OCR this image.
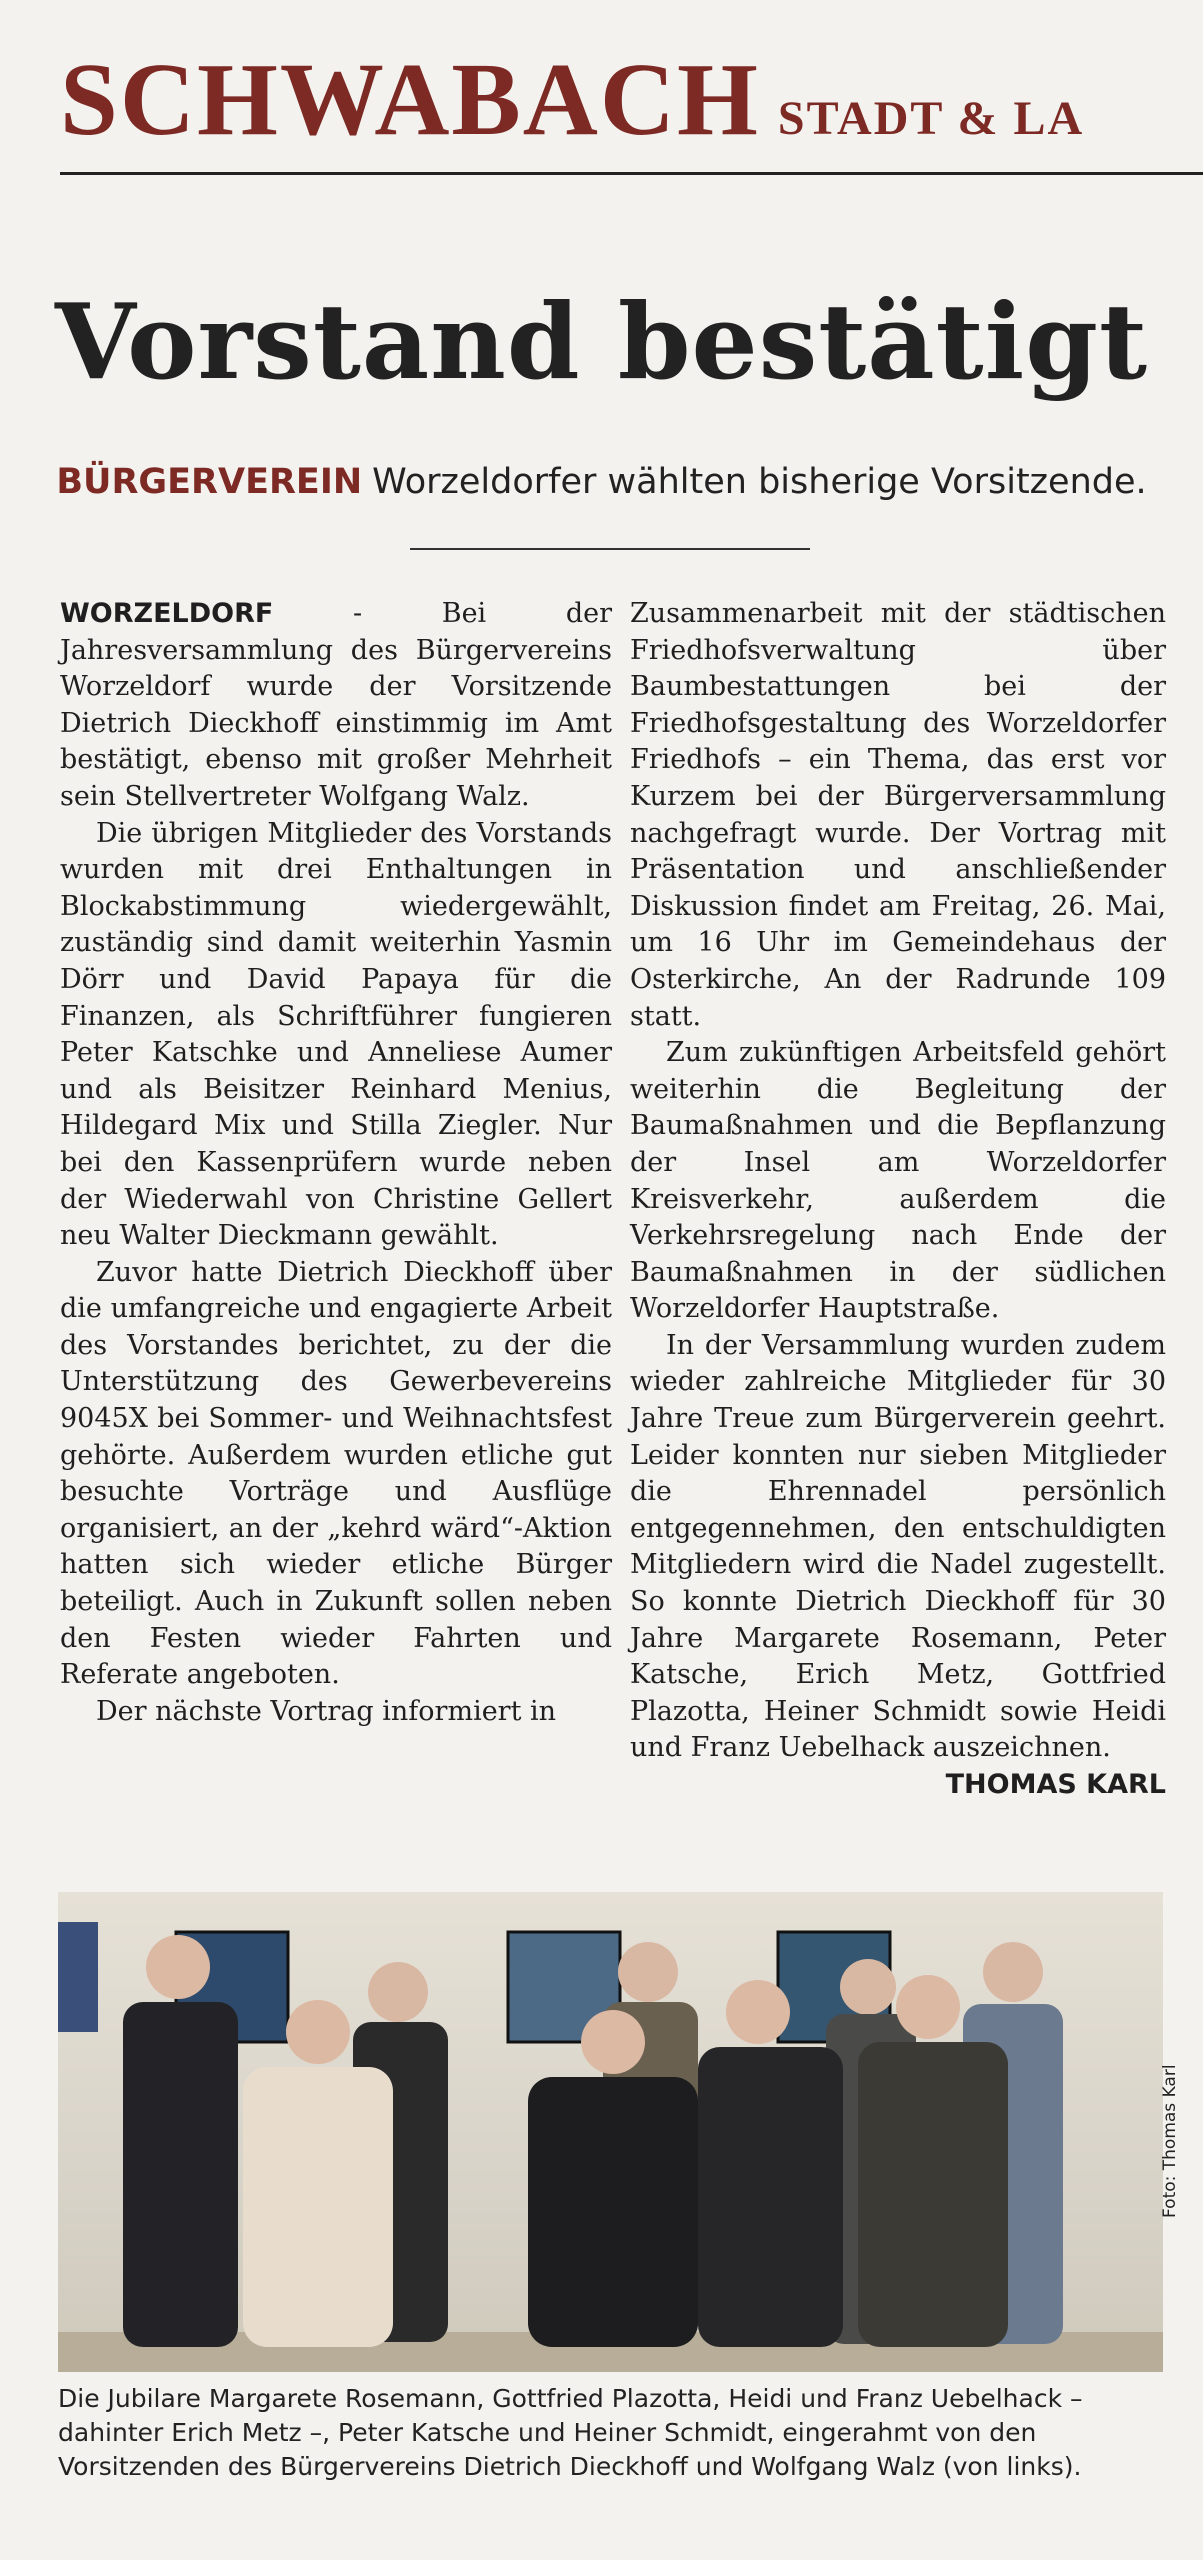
SCHWABACH STADT & LA
Vorstand bestätigt
BÜRGERVEREIN Worzeldorfer wählten bisherige Vorsitzende.

WORZELDORF - Bei der Jahresversammlung des Bürgervereins Worzeldorf wurde der Vorsitzende Dietrich Dieckhoff einstimmig im Amt bestätigt, ebenso mit großer Mehrheit sein Stellvertreter Wolfgang Walz.

Die übrigen Mitglieder des Vorstands wurden mit drei Enthaltungen in Blockabstimmung wiedergewählt, zuständig sind damit weiterhin Yasmin Dörr und David Papaya für die Finanzen, als Schriftführer fungieren Peter Katschke und Anneliese Aumer und als Beisitzer Reinhard Menius, Hildegard Mix und Stilla Ziegler. Nur bei den Kassenprüfern wurde neben der Wiederwahl von Christine Gellert neu Walter Dieckmann gewählt.

Zuvor hatte Dietrich Dieckhoff über die umfangreiche und engagierte Arbeit des Vorstandes berichtet, zu der die Unterstützung des Gewerbevereins 9045X bei Sommer- und Weihnachtsfest gehörte. Außerdem wurden etliche gut besuchte Vorträge und Ausflüge organisiert, an der „kehrd wärd“-Aktion hatten sich wieder etliche Bürger beteiligt. Auch in Zukunft sollen neben den Festen wieder Fahrten und Referate angeboten.

Der nächste Vortrag informiert in

Zusammenarbeit mit der städtischen Friedhofsverwaltung über Baumbestattungen bei der Friedhofsgestaltung des Worzeldorfer Friedhofs – ein Thema, das erst vor Kurzem bei der Bürgerversammlung nachgefragt wurde. Der Vortrag mit Präsentation und anschließender Diskussion findet am Freitag, 26. Mai, um 16 Uhr im Gemeindehaus der Osterkirche, An der Radrunde 109 statt.

Zum zukünftigen Arbeitsfeld gehört weiterhin die Begleitung der Baumaßnahmen und die Bepflanzung der Insel am Worzeldorfer Kreisverkehr, außerdem die Verkehrsregelung nach Ende der Baumaßnahmen in der südlichen Worzeldorfer Hauptstraße.

In der Versammlung wurden zudem wieder zahlreiche Mitglieder für 30 Jahre Treue zum Bürgerverein geehrt. Leider konnten nur sieben Mitglieder die Ehrennadel persönlich entgegennehmen, den entschuldigten Mitgliedern wird die Nadel zugestellt. So konnte Dietrich Dieckhoff für 30 Jahre Margarete Rosemann, Peter Katsche, Erich Metz, Gottfried Plazotta, Heiner Schmidt sowie Heidi und Franz Uebelhack auszeichnen.
THOMAS KARL

Foto: Thomas Karl
Die Jubilare Margarete Rosemann, Gottfried Plazotta, Heidi und Franz Uebelhack – dahinter Erich Metz –, Peter Katsche und Heiner Schmidt, eingerahmt von den Vorsitzenden des Bürgervereins Dietrich Dieckhoff und Wolfgang Walz (von links).
